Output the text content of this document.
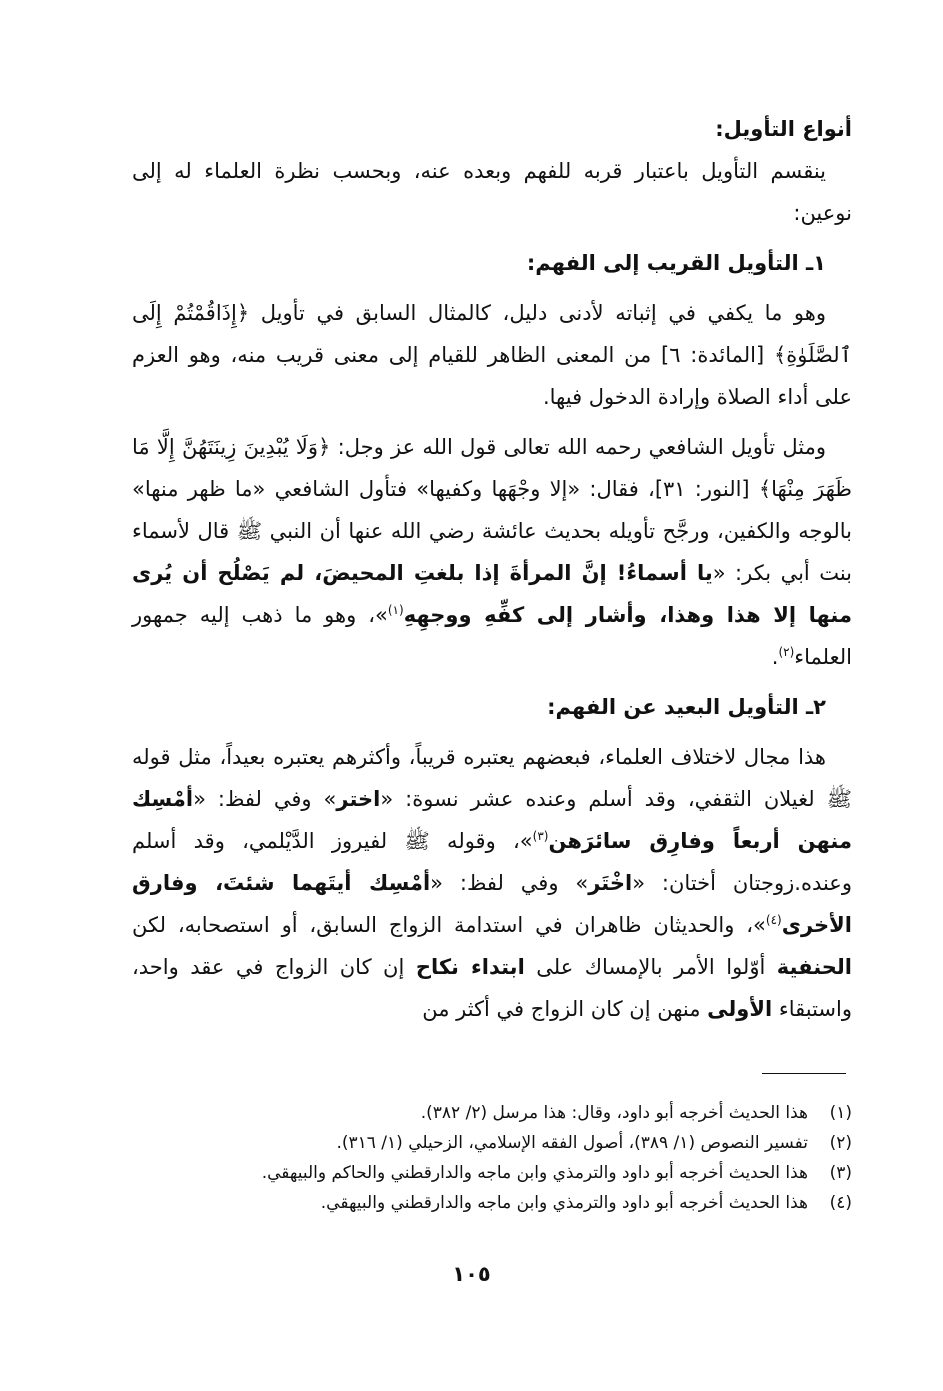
أنواع التأويل:

ينقسم التأويل باعتبار قربه للفهم وبعده عنه، وبحسب نظرة العلماء له إلى نوعين:

١ـ التأويل القريب إلى الفهم:

وهو ما يكفي في إثباته لأدنى دليل، كالمثال السابق في تأويل ﴿إِذَاقُمْتُمْ إِلَى ٱلصَّلَوٰةِ﴾ [المائدة: ٦] من المعنى الظاهر للقيام إلى معنى قريب منه، وهو العزم على أداء الصلاة وإرادة الدخول فيها.

ومثل تأويل الشافعي رحمه الله تعالى قول الله عز وجل: ﴿وَلَا يُبْدِينَ زِينَتَهُنَّ إِلَّا مَا ظَهَرَ مِنْهَا﴾ [النور: ٣١]، فقال: «إلا وجْهَها وكفيها» فتأول الشافعي «ما ظهر منها» بالوجه والكفين، ورجَّح تأويله بحديث عائشة رضي الله عنها أن النبي ﷺ قال لأسماء بنت أبي بكر: «يا أسماءُ! إنَّ المرأةَ إذا بلغتِ المحيضَ، لم يَصْلُح أن يُرى منها إلا هذا وهذا، وأشار إلى كفِّهِ ووجهِهِ$^{(١)}$»، وهو ما ذهب إليه جمهور العلماء$^{(٢)}$.

٢ـ التأويل البعيد عن الفهم:

هذا مجال لاختلاف العلماء، فبعضهم يعتبره قريباً، وأكثرهم يعتبره بعيداً، مثل قوله ﷺ لغيلان الثقفي، وقد أسلم وعنده عشر نسوة: «اختر» وفي لفظ: «أمْسِك منهن أربعاً وفارِق سائرَهن$^{(٣)}$»، وقوله ﷺ لفيروز الدَّيْلمي، وقد أسلم وعنده.زوجتان أختان: «اخْتَر» وفي لفظ: «أمْسِك أيتَهما شئتَ، وفارق الأخرى$^{(٤)}$»، والحديثان ظاهران في استدامة الزواج السابق، أو استصحابه، لكن الحنفية أوّلوا الأمر بالإمساك على ابتداء نكاح إن كان الزواج في عقد واحد، واستبقاء الأولى منهن إن كان الزواج في أكثر من

(١)
هذا الحديث أخرجه أبو داود، وقال: هذا مرسل (٢/ ٣٨٢).
(٢)
تفسير النصوص (١/ ٣٨٩)، أصول الفقه الإسلامي، الزحيلي (١/ ٣١٦).
(٣)
هذا الحديث أخرجه أبو داود والترمذي وابن ماجه والدارقطني والحاكم والبيهقي.
(٤)
هذا الحديث أخرجه أبو داود والترمذي وابن ماجه والدارقطني والبيهقي.
١٠٥
